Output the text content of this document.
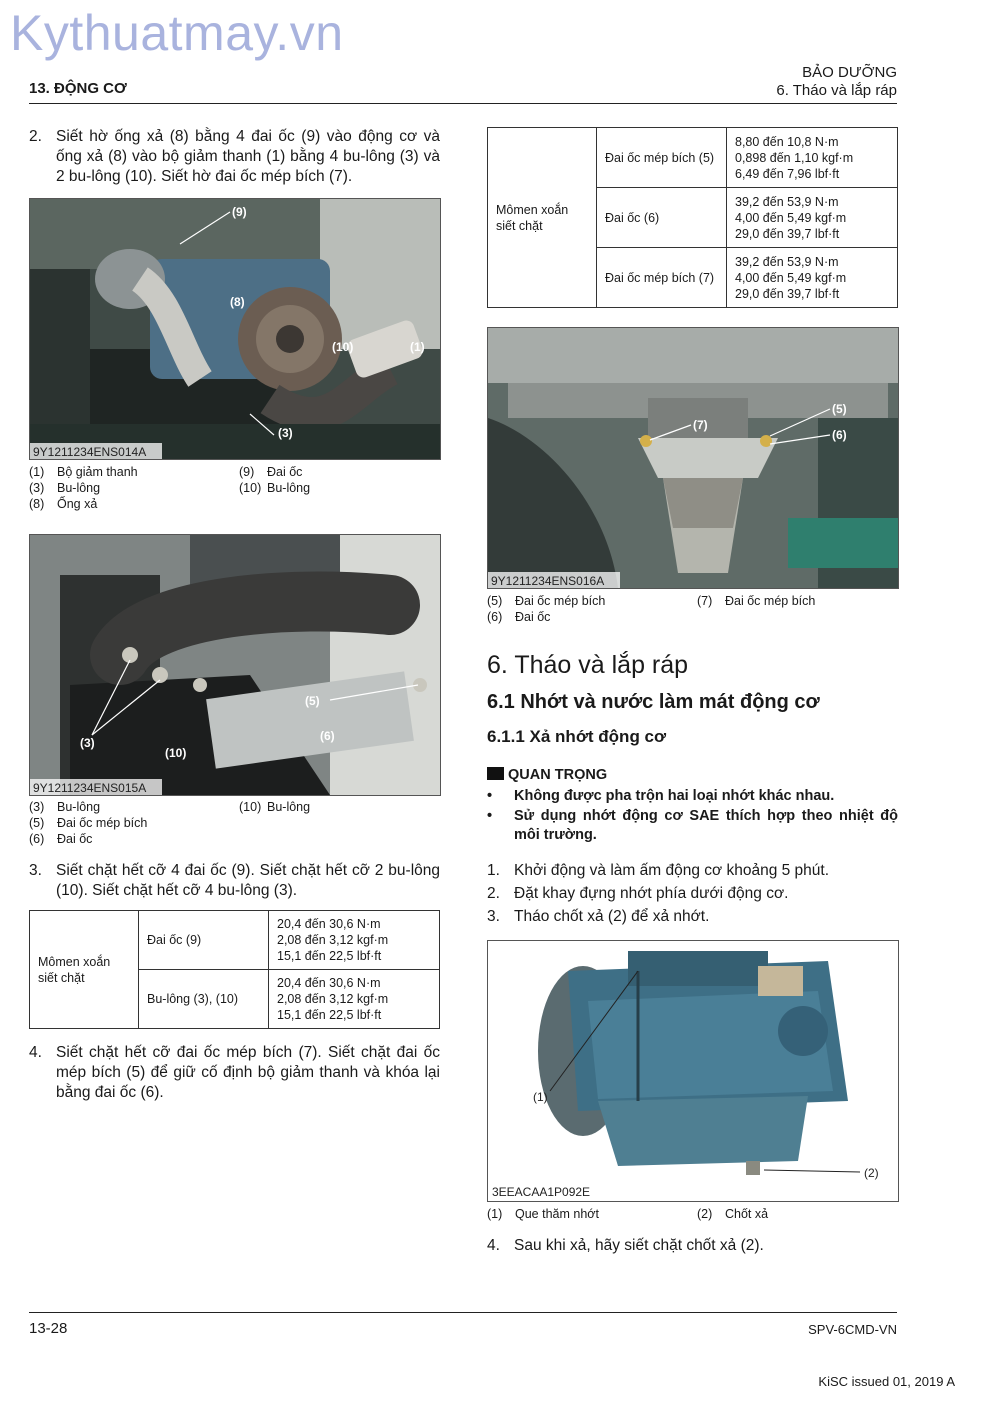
Kythuatmay.vn
13. ĐỘNG CƠ
BẢO DƯỠNG
6. Tháo và lắp ráp
2. Siết hờ ống xả (8) bằng 4 đai ốc (9) vào động cơ và ống xả (8) vào bộ giảm thanh (1) bằng 4 bu-lông (3) và 2 bu-lông (10). Siết hờ đai ốc mép bích (7).
(9)
(8)
(10)	(1)
(3)
9Y1211234ENS014A
(1) Bộ giảm thanh
(3) Bu-lông
(8) Ống xả
(9) Đai ốc
(10) Bu-lông
(3)
(10)
(5)
(6)
9Y1211234ENS015A
(3) Bu-lông
(5) Đai ốc mép bích
(6) Đai ốc
(10) Bu-lông
3. Siết chặt hết cỡ 4 đai ốc (9). Siết chặt hết cỡ 2 bu-lông (10). Siết chặt hết cỡ 4 bu-lông (3).
Mômen xoắn siết chặt	Đai ốc (9)	20,4 đến 30,6 N·m
2,08 đến 3,12 kgf·m
15,1 đến 22,5 lbf·ft

	Bu-lông (3), (10)	20,4 đến 30,6 N·m
2,08 đến 3,12 kgf·m
15,1 đến 22,5 lbf·ft
4. Siết chặt hết cỡ đai ốc mép bích (7). Siết chặt đai ốc mép bích (5) để giữ cố định bộ giảm thanh và khóa lại bằng đai ốc (6).
Mômen xoắn siết chặt	Đai ốc mép bích (5)	8,80 đến 10,8 N·m
0,898 đến 1,10 kgf·m
6,49 đến 7,96 lbf·ft

	Đai ốc (6)	39,2 đến 53,9 N·m
4,00 đến 5,49 kgf·m
29,0 đến 39,7 lbf·ft

	Đai ốc mép bích (7)	39,2 đến 53,9 N·m
4,00 đến 5,49 kgf·m
29,0 đến 39,7 lbf·ft
(7)
(5)
(6)
9Y1211234ENS016A
(5) Đai ốc mép bích
(6) Đai ốc
(7) Đai ốc mép bích
6. Tháo và lắp ráp
6.1 Nhớt và nước làm mát động cơ
6.1.1 Xả nhớt động cơ
QUAN TRỌNG
• Không được pha trộn hai loại nhớt khác nhau.
• Sử dụng nhớt động cơ SAE thích hợp theo nhiệt độ môi trường.
1. Khởi động và làm ấm động cơ khoảng 5 phút.
2. Đặt khay đựng nhớt phía dưới động cơ.
3. Tháo chốt xả (2) để xả nhớt.
(1)
(2)
3EEACAA1P092E
(1) Que thăm nhớt	(2) Chốt xả
4. Sau khi xả, hãy siết chặt chốt xả (2).
13-28	SPV-6CMD-VN
KiSC issued 01, 2019 A
